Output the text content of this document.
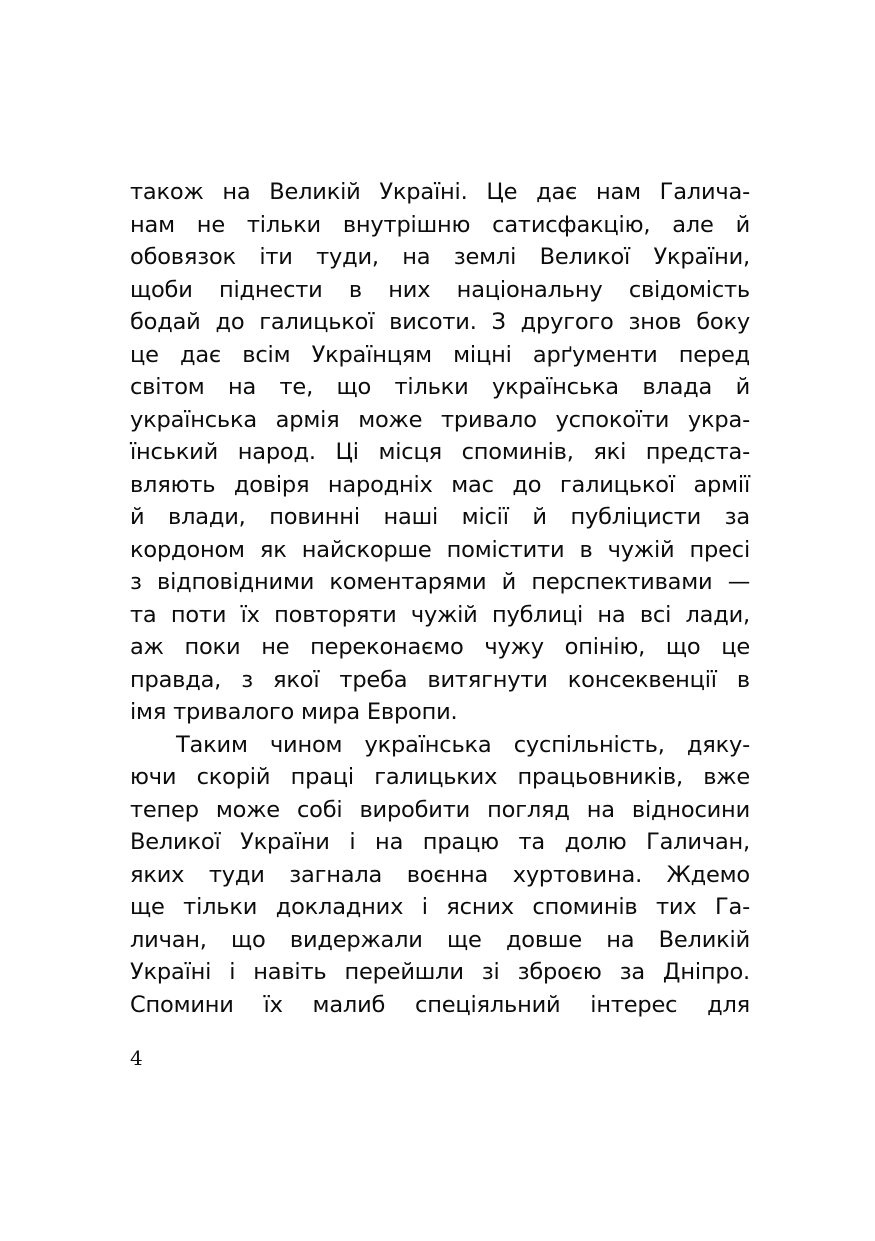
також на Великій Україні. Це дає нам Галича-
нам не тільки внутрішню сатисфакцію, але й
обовязок іти туди, на землі Великої України,
щоби піднести в них національну свідомість
бодай до галицької висоти. З другого знов боку
це дає всім Українцям міцні арґументи перед
світом на те, що тільки українська влада й
українська армія може тривало успокоїти укра-
їнський народ. Ці місця споминів, які предста-
вляють довіря народніх мас до галицької армії
й влади, повинні наші місії й публіцисти за
кордоном як найскорше помістити в чужій пресі
з відповідними коментарями й перспективами —
та поти їх повторяти чужій публиці на всі лади,
аж поки не переконаємо чужу опінію, що це
правда, з якої треба витягнути консеквенції в
імя тривалого мира Европи.
Таким чином українська суспільність, дяку-
ючи скорій праці галицьких працьовників, вже
тепер може собі виробити погляд на відносини
Великої України і на працю та долю Галичан,
яких туди загнала воєнна хуртовина. Ждемо
ще тільки докладних і ясних споминів тих Га-
личан, що видержали ще довше на Великій
Україні і навіть перейшли зі зброєю за Дніпро.
Спомини їх малиб спеціяльний інтерес для
4
